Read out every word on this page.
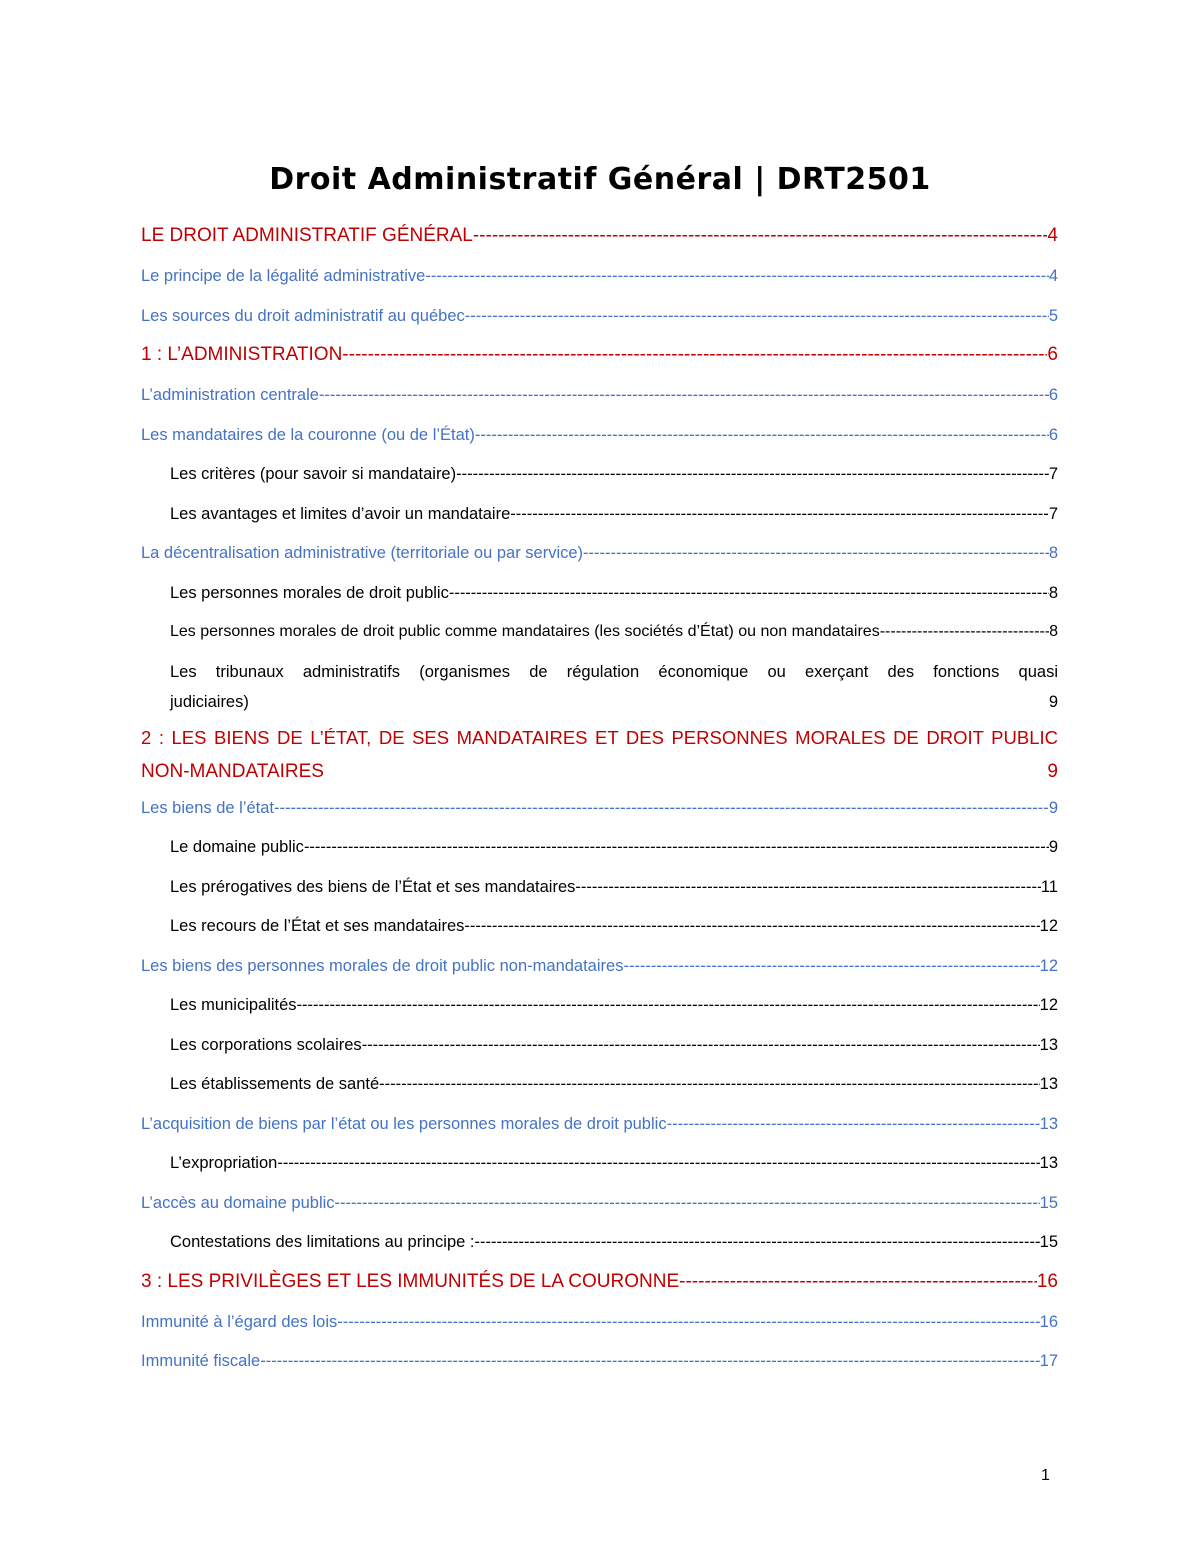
Droit Administratif Général | DRT2501
LE DROIT ADMINISTRATIF GÉNÉRAL -----	4
Le principe de la légalité administrative -----	4
Les sources du droit administratif au québec -----	5
1 : L’ADMINISTRATION -----	6
L’administration centrale -----	6
Les mandataires de la couronne (ou de l’État) -----	6
Les critères (pour savoir si mandataire) -----	7
Les avantages et limites d’avoir un mandataire -----	7
La décentralisation administrative (territoriale ou par service) -----	8
Les personnes morales de droit public -----	8
Les personnes morales de droit public comme mandataires (les sociétés d’État) ou non mandataires -----	8
Les tribunaux administratifs (organismes de régulation économique ou exerçant des fonctions quasi
judiciaires)	9
2 : LES BIENS DE L’ÉTAT, DE SES MANDATAIRES ET DES PERSONNES MORALES DE DROIT PUBLIC
NON-MANDATAIRES	9
Les biens de l’état -----	9
Le domaine public -----	9
Les prérogatives des biens de l’État et ses mandataires -----	11
Les recours de l’État et ses mandataires -----	12
Les biens des personnes morales de droit public non-mandataires -----	12
Les municipalités -----	12
Les corporations scolaires -----	13
Les établissements de santé -----	13
L’acquisition de biens par l’état ou les personnes morales de droit public -----	13
L’expropriation -----	13
L’accès au domaine public -----	15
Contestations des limitations au principe : -----	15
3 : LES PRIVILÈGES ET LES IMMUNITÉS DE LA COURONNE -----	16
Immunité à l’égard des lois -----	16
Immunité fiscale -----	17
1
